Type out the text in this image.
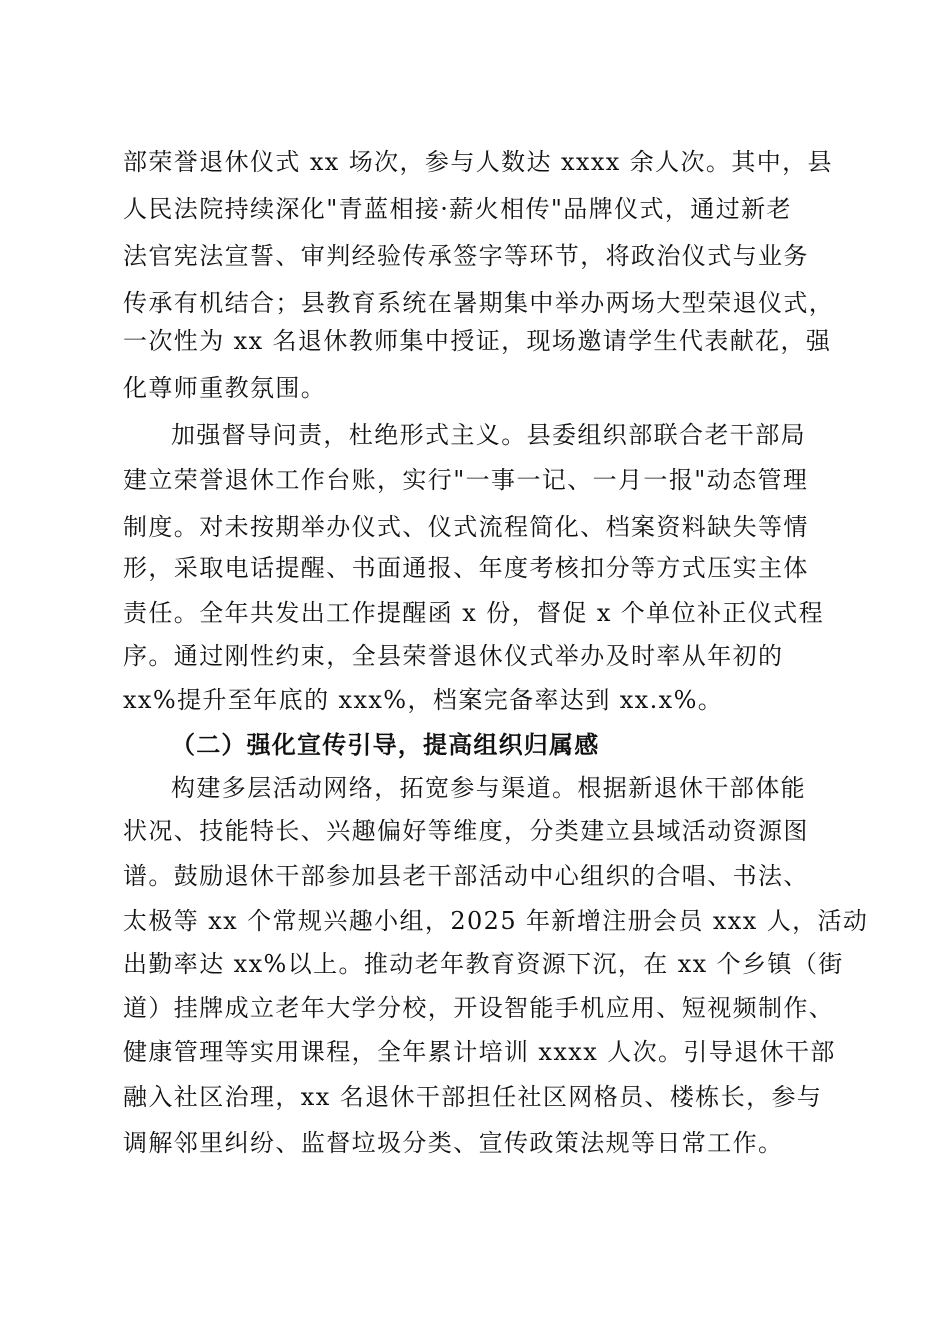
部荣誉退休仪式 xx 场次，参与人数达 xxxx 余人次。其中，县
人民法院持续深化"青蓝相接·薪火相传"品牌仪式，通过新老
法官宪法宣誓、审判经验传承签字等环节，将政治仪式与业务
传承有机结合；县教育系统在暑期集中举办两场大型荣退仪式，
一次性为 xx 名退休教师集中授证，现场邀请学生代表献花，强
化尊师重教氛围。
加强督导问责，杜绝形式主义。县委组织部联合老干部局
建立荣誉退休工作台账，实行"一事一记、一月一报"动态管理
制度。对未按期举办仪式、仪式流程简化、档案资料缺失等情
形，采取电话提醒、书面通报、年度考核扣分等方式压实主体
责任。全年共发出工作提醒函 x 份，督促 x 个单位补正仪式程
序。通过刚性约束，全县荣誉退休仪式举办及时率从年初的
xx%提升至年底的 xxx%，档案完备率达到 xx.x%。
（二）强化宣传引导，提高组织归属感
构建多层活动网络，拓宽参与渠道。根据新退休干部体能
状况、技能特长、兴趣偏好等维度，分类建立县域活动资源图
谱。鼓励退休干部参加县老干部活动中心组织的合唱、书法、
太极等 xx 个常规兴趣小组，2025 年新增注册会员 xxx 人，活动
出勤率达 xx%以上。推动老年教育资源下沉，在 xx 个乡镇（街
道）挂牌成立老年大学分校，开设智能手机应用、短视频制作、
健康管理等实用课程，全年累计培训 xxxx 人次。引导退休干部
融入社区治理，xx 名退休干部担任社区网格员、楼栋长，参与
调解邻里纠纷、监督垃圾分类、宣传政策法规等日常工作。
